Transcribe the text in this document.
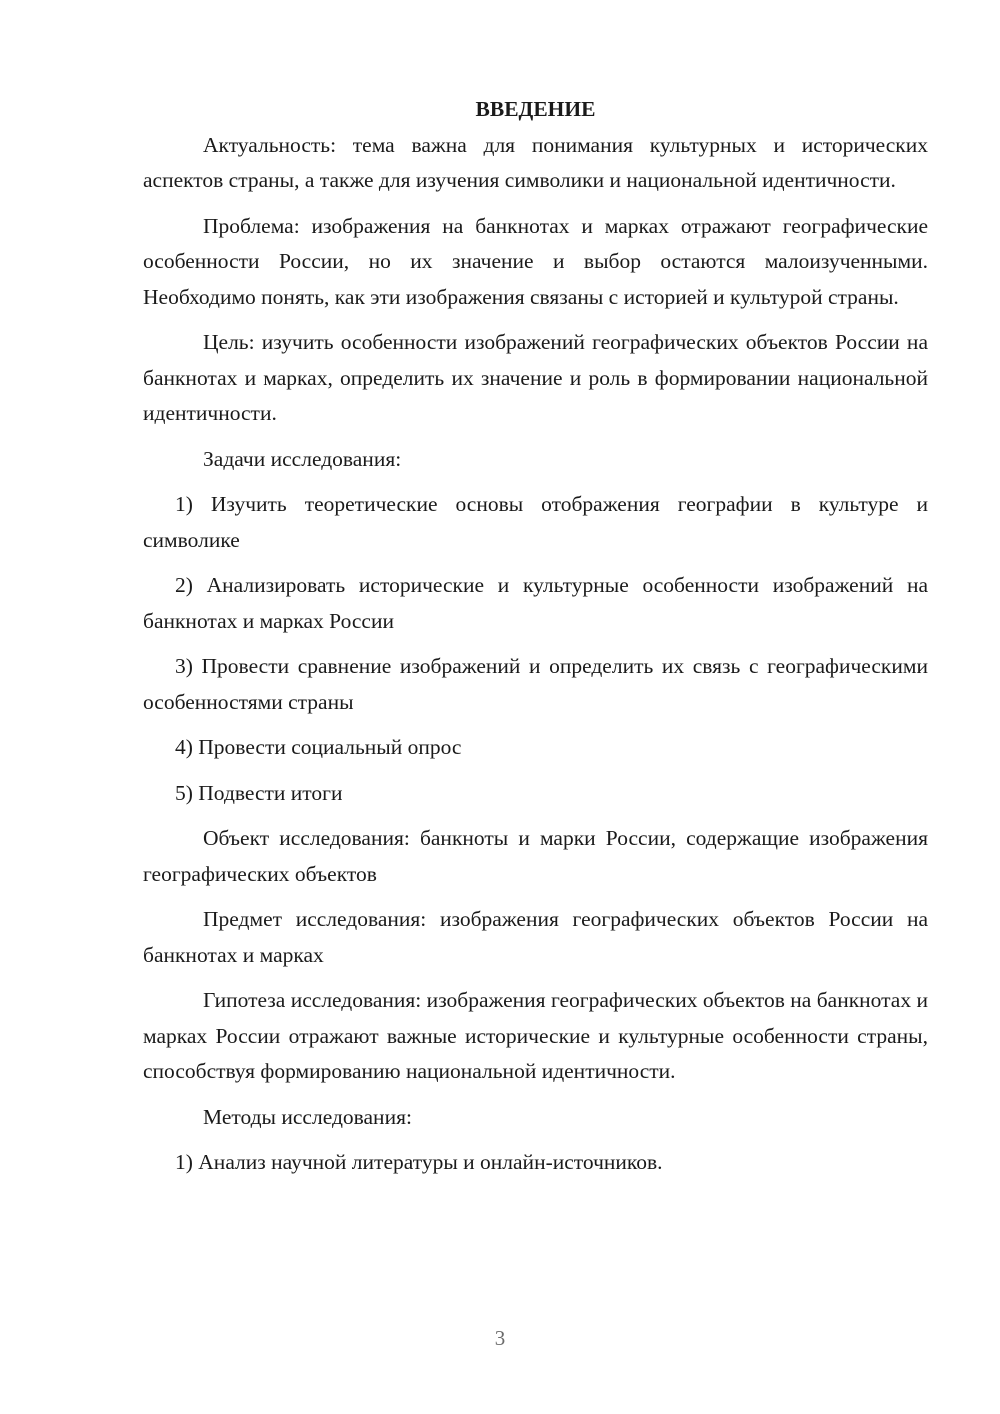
ВВЕДЕНИЕ

Актуальность: тема важна для понимания культурных и исторических аспектов страны, а также для изучения символики и национальной идентичности.

Проблема: изображения на банкнотах и марках отражают географические особенности России, но их значение и выбор остаются малоизученными. Необходимо понять, как эти изображения связаны с историей и культурой страны.

Цель: изучить особенности изображений географических объектов России на банкнотах и марках, определить их значение и роль в формировании национальной идентичности.

Задачи исследования:

1) Изучить теоретические основы отображения географии в культуре и символике

2) Анализировать исторические и культурные особенности изображений на банкнотах и марках России

3) Провести сравнение изображений и определить их связь с географическими особенностями страны

4) Провести социальный опрос

5) Подвести итоги

Объект исследования: банкноты и марки России, содержащие изображения географических объектов

Предмет исследования: изображения географических объектов России на банкнотах и марках

Гипотеза исследования: изображения географических объектов на банкнотах и марках России отражают важные исторические и культурные особенности страны, способствуя формированию национальной идентичности.

Методы исследования:

1) Анализ научной литературы и онлайн-источников.

3
